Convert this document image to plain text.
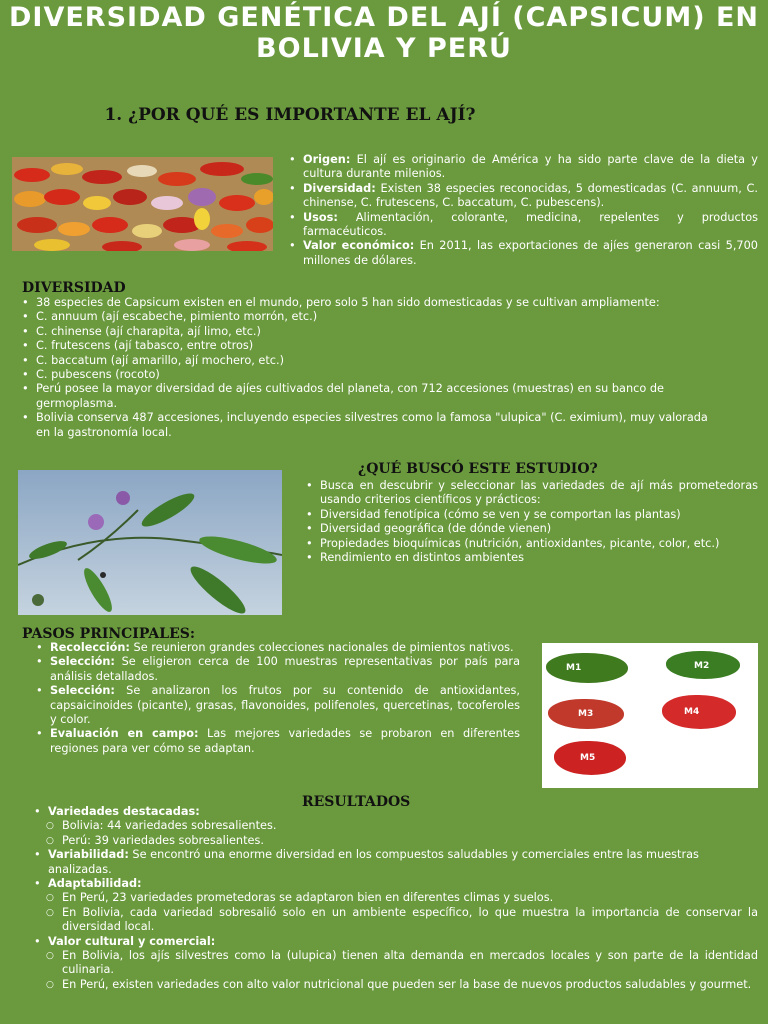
DIVERSIDAD GENÉTICA DEL AJÍ (CAPSICUM) EN BOLIVIA Y PERÚ
1. ¿POR QUÉ ES IMPORTANTE EL AJÍ?
• Origen: El ají es originario de América y ha sido parte clave de la dieta y cultura durante milenios.
• Diversidad: Existen 38 especies reconocidas, 5 domesticadas (C. annuum, C. chinense, C. frutescens, C. baccatum, C. pubescens).
• Usos: Alimentación, colorante, medicina, repelentes y productos farmacéuticos.
• Valor económico: En 2011, las exportaciones de ajíes generaron casi 5,700 millones de dólares.
DIVERSIDAD
• 38 especies de Capsicum existen en el mundo, pero solo 5 han sido domesticadas y se cultivan ampliamente:
• C. annuum (ají escabeche, pimiento morrón, etc.)
• C. chinense (ají charapita, ají limo, etc.)
• C. frutescens (ají tabasco, entre otros)
• C. baccatum (ají amarillo, ají mochero, etc.)
• C. pubescens (rocoto)
• Perú posee la mayor diversidad de ajíes cultivados del planeta, con 712 accesiones (muestras) en su banco de germoplasma.
• Bolivia conserva 487 accesiones, incluyendo especies silvestres como la famosa "ulupica" (C. eximium), muy valorada en la gastronomía local.
¿QUÉ BUSCÓ ESTE ESTUDIO?
• Busca en descubrir y seleccionar las variedades de ají más prometedoras usando criterios científicos y prácticos:
• Diversidad fenotípica (cómo se ven y se comportan las plantas)
• Diversidad geográfica (de dónde vienen)
• Propiedades bioquímicas (nutrición, antioxidantes, picante, color, etc.)
• Rendimiento en distintos ambientes
PASOS PRINCIPALES:
• Recolección: Se reunieron grandes colecciones nacionales de pimientos nativos.
• Selección: Se eligieron cerca de 100 muestras representativas por país para análisis detallados.
• Selección: Se analizaron los frutos por su contenido de antioxidantes, capsaicinoides (picante), grasas, flavonoides, polifenoles, quercetinas, tocoferoles y color.
• Evaluación en campo: Las mejores variedades se probaron en diferentes regiones para ver cómo se adaptan.
M1	M2
M3	M4
M5
RESULTADOS
• Variedades destacadas:
○ Bolivia: 44 variedades sobresalientes.
○ Perú: 39 variedades sobresalientes.
• Variabilidad: Se encontró una enorme diversidad en los compuestos saludables y comerciales entre las muestras analizadas.
• Adaptabilidad:
○ En Perú, 23 variedades prometedoras se adaptaron bien en diferentes climas y suelos.
○ En Bolivia, cada variedad sobresalió solo en un ambiente específico, lo que muestra la importancia de conservar la diversidad local.
• Valor cultural y comercial:
○ En Bolivia, los ajís silvestres como la (ulupica) tienen alta demanda en mercados locales y son parte de la identidad culinaria.
○ En Perú, existen variedades con alto valor nutricional que pueden ser la base de nuevos productos saludables y gourmet.
